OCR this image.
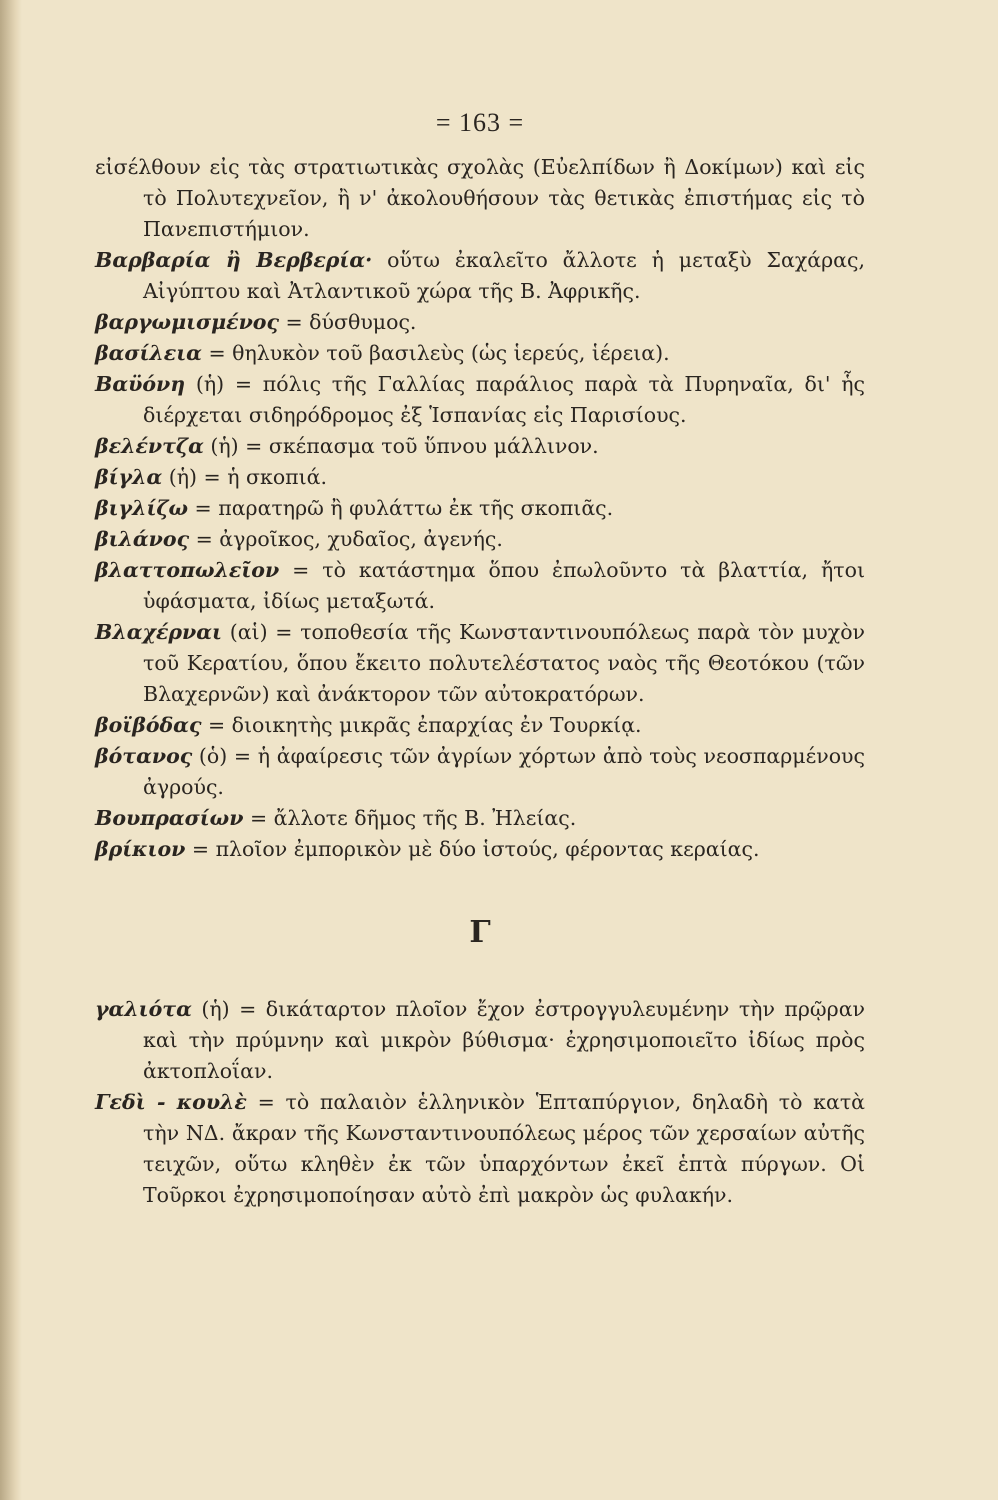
= 163 =

εἰσέλθουν εἰς τὰς στρατιωτικὰς σχολὰς (Εὐελπίδων ἢ Δοκίμων) καὶ εἰς τὸ Πολυτεχνεῖον, ἢ ν' ἀκολουθήσουν τὰς θετικὰς ἐπιστήμας εἰς τὸ Πανεπιστήμιον.

Βαρβαρία ἢ Βερβερία· οὕτω ἐκαλεῖτο ἄλλοτε ἡ μεταξὺ Σαχάρας, Αἰγύπτου καὶ Ἀτλαντικοῦ χώρα τῆς Β. Ἀφρικῆς.

βαργωμισμένος = δύσθυμος.

βασίλεια = θηλυκὸν τοῦ βασιλεὺς (ὡς ἱερεύς, ἱέρεια).

Βαϋόνη (ἡ) = πόλις τῆς Γαλλίας παράλιος παρὰ τὰ Πυρηναῖα, δι' ἧς διέρχεται σιδηρόδρομος ἐξ Ἱσπανίας εἰς Παρισίους.

βελέντζα (ἡ) = σκέπασμα τοῦ ὕπνου μάλλινον.

βίγλα (ἡ) = ἡ σκοπιά.

βιγλίζω = παρατηρῶ ἢ φυλάττω ἐκ τῆς σκοπιᾶς.

βιλάνος = ἀγροῖκος, χυδαῖος, ἀγενής.

βλαττοπωλεῖον = τὸ κατάστημα ὅπου ἐπωλοῦντο τὰ βλαττία, ἤτοι ὑφάσματα, ἰδίως μεταξωτά.

Βλαχέρναι (αἱ) = τοποθεσία τῆς Κωνσταντινουπόλεως παρὰ τὸν μυχὸν τοῦ Κερατίου, ὅπου ἔκειτο πολυτελέστατος ναὸς τῆς Θεοτόκου (τῶν Βλαχερνῶν) καὶ ἀνάκτορον τῶν αὐτοκρατόρων.

βοϊβόδας = διοικητὴς μικρᾶς ἐπαρχίας ἐν Τουρκίᾳ.

βότανος (ὁ) = ἡ ἀφαίρεσις τῶν ἀγρίων χόρτων ἀπὸ τοὺς νεοσπαρμένους ἀγρούς.

Βουπρασίων = ἄλλοτε δῆμος τῆς Β. Ἠλείας.

βρίκιον = πλοῖον ἐμπορικὸν μὲ δύο ἱστούς, φέροντας κεραίας.

Γ

γαλιότα (ἡ) = δικάταρτον πλοῖον ἔχον ἐστρογγυλευμένην τὴν πρῷραν καὶ τὴν πρύμνην καὶ μικρὸν βύθισμα· ἐχρησιμοποιεῖτο ἰδίως πρὸς ἀκτοπλοΐαν.

Γεδὶ - κουλὲ = τὸ παλαιὸν ἑλληνικὸν Ἑπταπύργιον, δηλαδὴ τὸ κατὰ τὴν ΝΔ. ἄκραν τῆς Κωνσταντινουπόλεως μέρος τῶν χερσαίων αὐτῆς τειχῶν, οὕτω κληθὲν ἐκ τῶν ὑπαρχόντων ἐκεῖ ἑπτὰ πύργων. Οἱ Τοῦρκοι ἐχρησιμοποίησαν αὐτὸ ἐπὶ μακρὸν ὡς φυλακήν.
